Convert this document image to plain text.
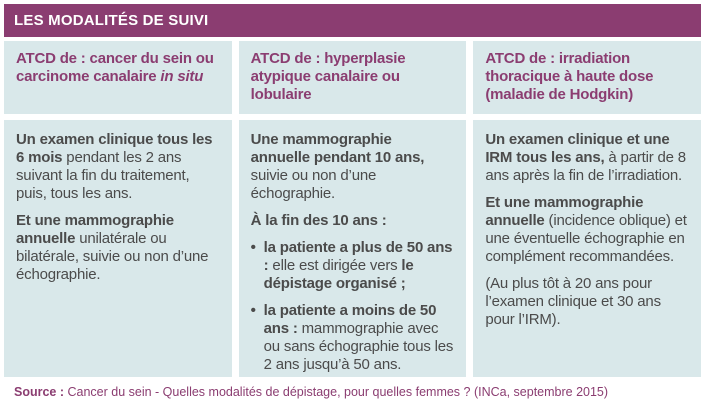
LES MODALITÉS DE SUIVI
ATCD de : cancer du sein ou carcinome canalaire in situ
Un examen clinique tous les 6 mois pendant les 2 ans suivant la fin du traitement, puis, tous les ans.
Et une mammographie annuelle unilatérale ou bilatérale, suivie ou non d’une échographie.
ATCD de : hyperplasie atypique canalaire ou lobulaire
Une mammographie annuelle pendant 10 ans, suivie ou non d’une échographie.
À la fin des 10 ans :
• la patiente a plus de 50 ans : elle est dirigée vers le dépistage organisé ;
• la patiente a moins de 50 ans : mammographie avec ou sans échographie tous les 2 ans jusqu’à 50 ans.
ATCD de : irradiation thoracique à haute dose (maladie de Hodgkin)
Un examen clinique et une IRM tous les ans, à partir de 8 ans après la fin de l’irradiation.
Et une mammographie annuelle (incidence oblique) et une éventuelle échographie en complément recommandées.
(Au plus tôt à 20 ans pour l’examen clinique et 30 ans pour l’IRM).
Source : Cancer du sein - Quelles modalités de dépistage, pour quelles femmes ? (INCa, septembre 2015)
